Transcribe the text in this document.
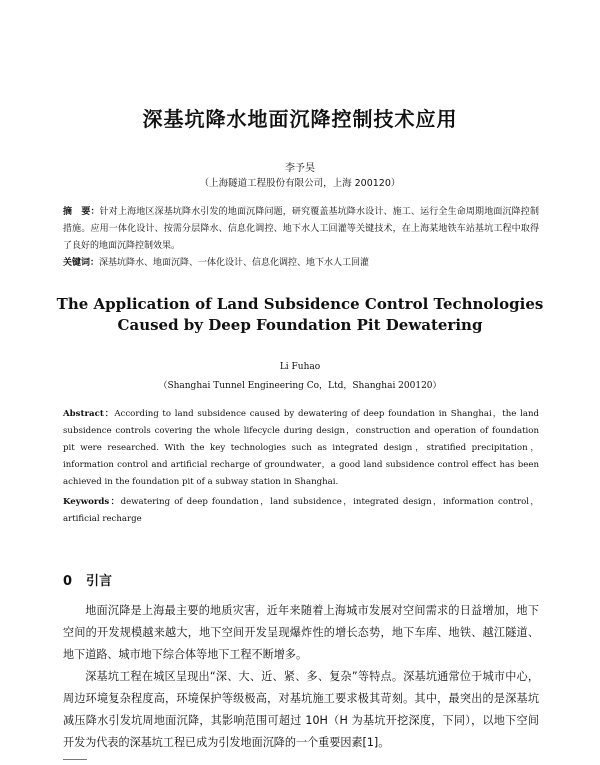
深基坑降水地面沉降控制技术应用
李予昊
（上海隧道工程股份有限公司，上海 200120）
摘　要：针对上海地区深基坑降水引发的地面沉降问题，研究覆盖基坑降水设计、施工、运行全生命周期地面沉降控制措施。应用一体化设计、按需分层降水、信息化调控、地下水人工回灌等关键技术，在上海某地铁车站基坑工程中取得了良好的地面沉降控制效果。
关键词：深基坑降水、地面沉降、一体化设计、信息化调控、地下水人工回灌
The Application of Land Subsidence Control Technologies
Caused by Deep Foundation Pit Dewatering
Li Fuhao
（Shanghai Tunnel Engineering Co，Ltd，Shanghai 200120）
Abstract：According to land subsidence caused by dewatering of deep foundation in Shanghai，the land subsidence controls covering the whole lifecycle during design，construction and operation of foundation pit were researched. With the key technologies such as integrated design，stratified precipitation，information control and artificial recharge of groundwater，a good land subsidence control effect has been achieved in the foundation pit of a subway station in Shanghai.
Keywords：dewatering of deep foundation，land subsidence，integrated design，information control，artificial recharge
0 引言

地面沉降是上海最主要的地质灾害，近年来随着上海城市发展对空间需求的日益增加，地下空间的开发规模越来越大，地下空间开发呈现爆炸性的增长态势，地下车库、地铁、越江隧道、地下道路、城市地下综合体等地下工程不断增多。

深基坑工程在城区呈现出“深、大、近、紧、多、复杂”等特点。深基坑通常位于城市中心，周边环境复杂程度高，环境保护等级极高，对基坑施工要求极其苛刻。其中，最突出的是深基坑减压降水引发坑周地面沉降，其影响范围可超过 10H（H 为基坑开挖深度，下同），以地下空间开发为代表的深基坑工程已成为引发地面沉降的一个重要因素[1]。
